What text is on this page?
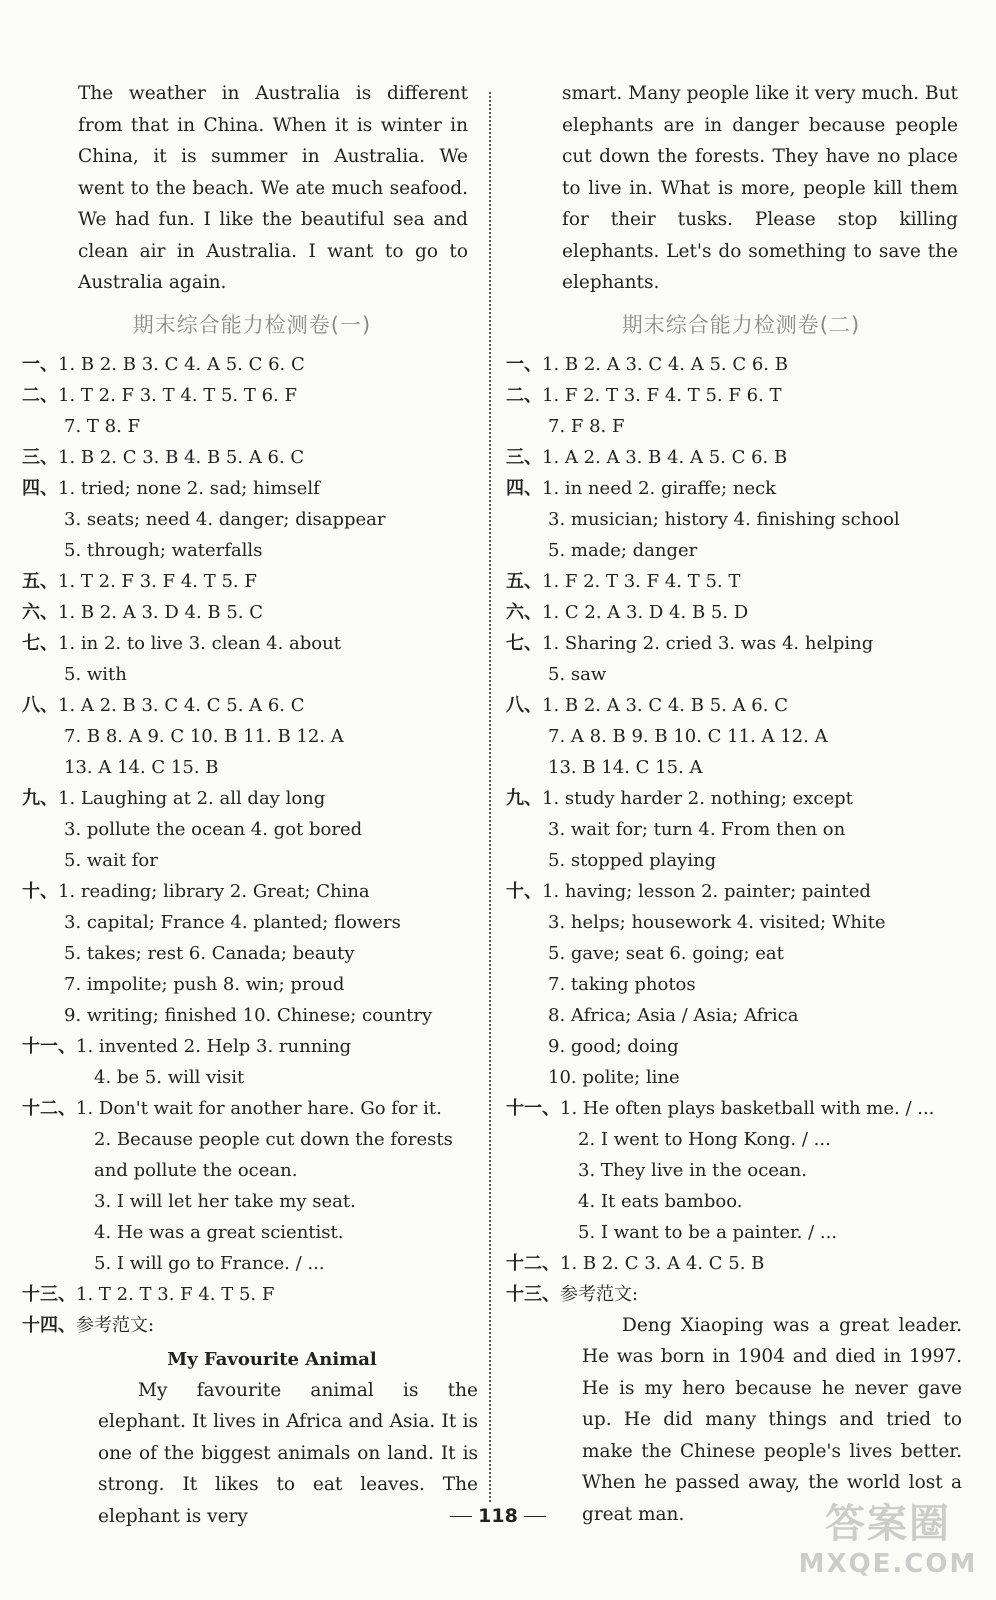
The weather in Australia is different from that in China. When it is winter in China, it is summer in Australia. We went to the beach. We ate much seafood. We had fun. I like the beautiful sea and clean air in Australia. I want to go to Australia again.

期末综合能力检测卷(一)
一、1. B 2. B 3. C 4. A 5. C 6. C
二、1. T 2. F 3. T 4. T 5. T 6. F
7. T 8. F
三、1. B 2. C 3. B 4. B 5. A 6. C
四、1. tried; none 2. sad; himself
3. seats; need 4. danger; disappear
5. through; waterfalls
五、1. T 2. F 3. F 4. T 5. F
六、1. B 2. A 3. D 4. B 5. C
七、1. in 2. to live 3. clean 4. about
5. with
八、1. A 2. B 3. C 4. C 5. A 6. C
7. B 8. A 9. C 10. B 11. B 12. A
13. A 14. C 15. B
九、1. Laughing at 2. all day long
3. pollute the ocean 4. got bored
5. wait for
十、1. reading; library 2. Great; China
3. capital; France 4. planted; flowers
5. takes; rest 6. Canada; beauty
7. impolite; push 8. win; proud
9. writing; finished 10. Chinese; country
十一、1. invented 2. Help 3. running
4. be 5. will visit
十二、1. Don't wait for another hare. Go for it.
2. Because people cut down the forests
and pollute the ocean.
3. I will let her take my seat.
4. He was a great scientist.
5. I will go to France. / ...
十三、1. T 2. T 3. F 4. T 5. F
十四、参考范文:
My Favourite Animal

My favourite animal is the elephant. It lives in Africa and Asia. It is one of the biggest animals on land. It is strong. It likes to eat leaves. The elephant is very

smart. Many people like it very much. But elephants are in danger because people cut down the forests. They have no place to live in. What is more, people kill them for their tusks. Please stop killing elephants. Let's do something to save the elephants.

期末综合能力检测卷(二)
一、1. B 2. A 3. C 4. A 5. C 6. B
二、1. F 2. T 3. F 4. T 5. F 6. T
7. F 8. F
三、1. A 2. A 3. B 4. A 5. C 6. B
四、1. in need 2. giraffe; neck
3. musician; history 4. finishing school
5. made; danger
五、1. F 2. T 3. F 4. T 5. T
六、1. C 2. A 3. D 4. B 5. D
七、1. Sharing 2. cried 3. was 4. helping
5. saw
八、1. B 2. A 3. C 4. B 5. A 6. C
7. A 8. B 9. B 10. C 11. A 12. A
13. B 14. C 15. A
九、1. study harder 2. nothing; except
3. wait for; turn 4. From then on
5. stopped playing
十、1. having; lesson 2. painter; painted
3. helps; housework 4. visited; White
5. gave; seat 6. going; eat
7. taking photos
8. Africa; Asia / Asia; Africa
9. good; doing
10. polite; line
十一、1. He often plays basketball with me. / ...
2. I went to Hong Kong. / ...
3. They live in the ocean.
4. It eats bamboo.
5. I want to be a painter. / ...
十二、1. B 2. C 3. A 4. C 5. B
十三、参考范文:

Deng Xiaoping was a great leader. He was born in 1904 and died in 1997. He is my hero because he never gave up. He did many things and tried to make the Chinese people's lives better. When he passed away, the world lost a great man.

118	答案圈
MXQE.COM
